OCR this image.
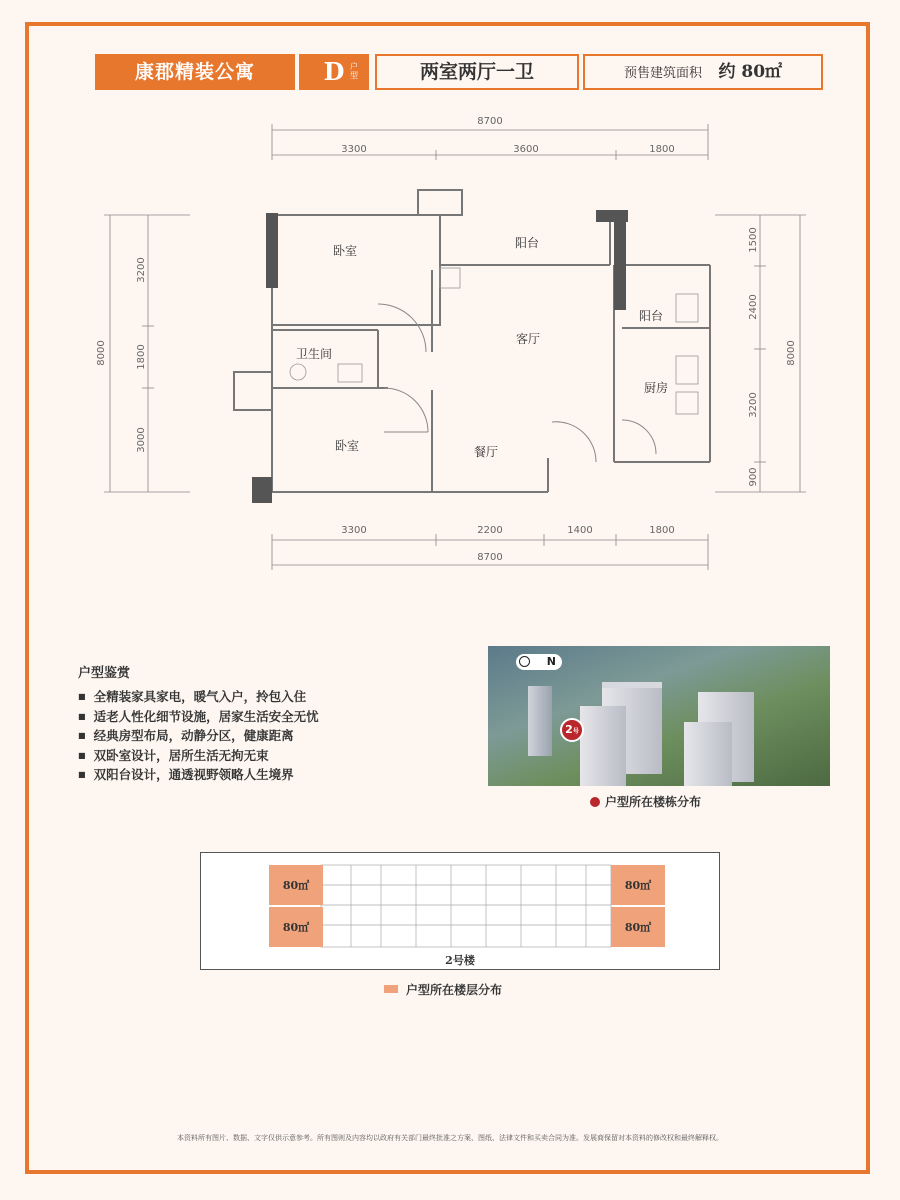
康郡精装公寓	D 户型	两室两厅一卫	预售建筑面积 约 80㎡
8700
3300	3600	1800
3300	2200	1400	1800
8700
8000
3200
1800
3000
1500
2400
3200
900
8000
卧室
阳台
卫生间
客厅
阳台
厨房
卧室	餐厅
户型鉴赏
■ 全精装家具家电，暖气入户，拎包入住
■ 适老人性化细节设施，居家生活安全无忧
■ 经典房型布局，动静分区，健康距离
■ 双卧室设计，居所生活无拘无束
■ 双阳台设计，通透视野领略人生境界
N
2号
户型所在楼栋分布
80㎡
80㎡
80㎡
80㎡
2号楼
户型所在楼层分布
本资料所有图片、数据、文字仅供示意参考。所有图则及内容均以政府有关部门最终批准之方案、图纸、法律文件和买卖合同为准。发展商保留对本资料的修改权和最终解释权。
